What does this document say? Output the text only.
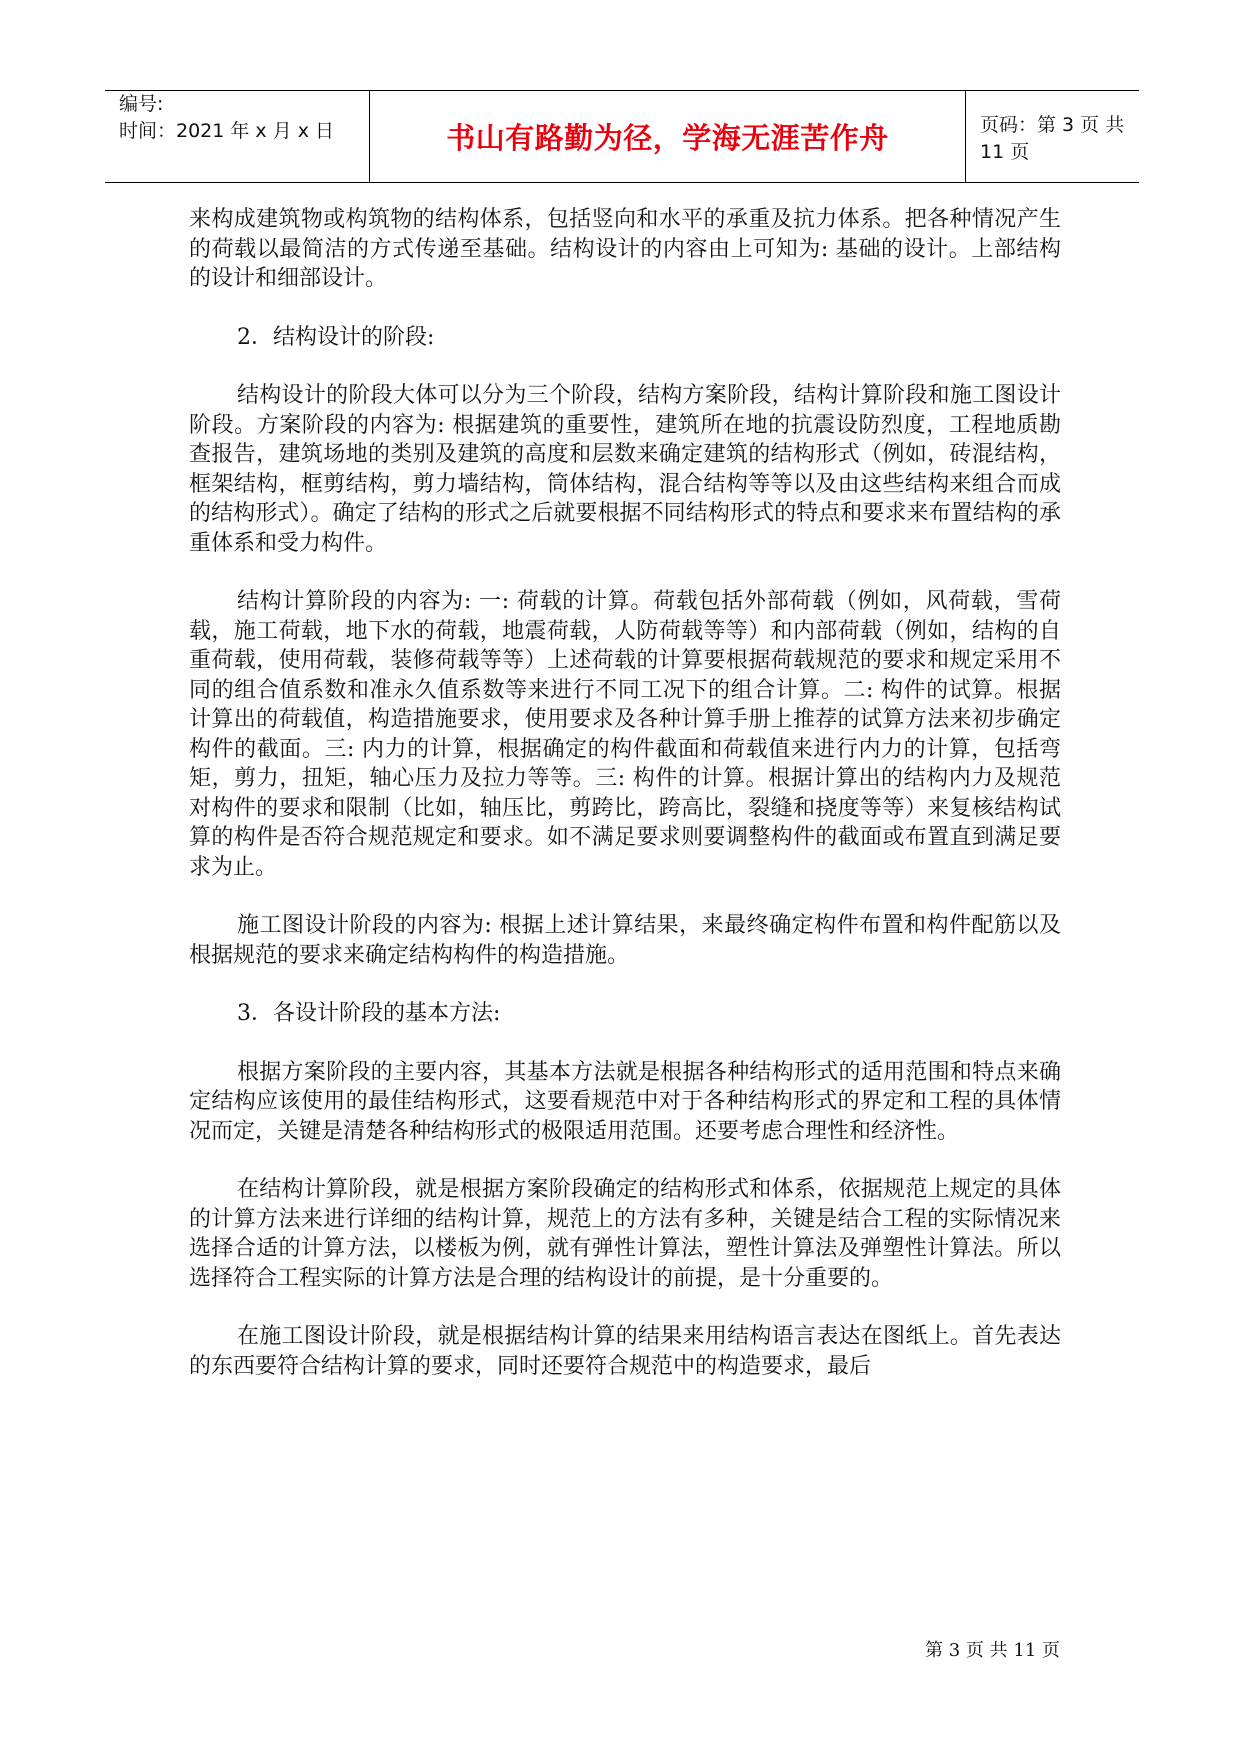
编号:
时间：2021 年 x 月 x 日	书山有路勤为径，学海无涯苦作舟	页码：第 3 页 共 11 页

来构成建筑物或构筑物的结构体系，包括竖向和水平的承重及抗力体系。把各种情况产生的荷载以最简洁的方式传递至基础。结构设计的内容由上可知为: 基础的设计。上部结构的设计和细部设计。

2．结构设计的阶段:

结构设计的阶段大体可以分为三个阶段，结构方案阶段，结构计算阶段和施工图设计阶段。方案阶段的内容为: 根据建筑的重要性，建筑所在地的抗震设防烈度，工程地质勘查报告，建筑场地的类别及建筑的高度和层数来确定建筑的结构形式（例如，砖混结构，框架结构，框剪结构，剪力墙结构，筒体结构，混合结构等等以及由这些结构来组合而成的结构形式）。确定了结构的形式之后就要根据不同结构形式的特点和要求来布置结构的承重体系和受力构件。

结构计算阶段的内容为: 一: 荷载的计算。荷载包括外部荷载（例如，风荷载，雪荷载，施工荷载，地下水的荷载，地震荷载，人防荷载等等）和内部荷载（例如，结构的自重荷载，使用荷载，装修荷载等等）上述荷载的计算要根据荷载规范的要求和规定采用不同的组合值系数和准永久值系数等来进行不同工况下的组合计算。二: 构件的试算。根据计算出的荷载值，构造措施要求，使用要求及各种计算手册上推荐的试算方法来初步确定构件的截面。三: 内力的计算，根据确定的构件截面和荷载值来进行内力的计算，包括弯矩，剪力，扭矩，轴心压力及拉力等等。三: 构件的计算。根据计算出的结构内力及规范对构件的要求和限制（比如，轴压比，剪跨比，跨高比，裂缝和挠度等等）来复核结构试算的构件是否符合规范规定和要求。如不满足要求则要调整构件的截面或布置直到满足要求为止。

施工图设计阶段的内容为: 根据上述计算结果，来最终确定构件布置和构件配筋以及根据规范的要求来确定结构构件的构造措施。

3．各设计阶段的基本方法:

根据方案阶段的主要内容，其基本方法就是根据各种结构形式的适用范围和特点来确定结构应该使用的最佳结构形式，这要看规范中对于各种结构形式的界定和工程的具体情况而定，关键是清楚各种结构形式的极限适用范围。还要考虑合理性和经济性。

在结构计算阶段，就是根据方案阶段确定的结构形式和体系，依据规范上规定的具体的计算方法来进行详细的结构计算，规范上的方法有多种，关键是结合工程的实际情况来选择合适的计算方法，以楼板为例，就有弹性计算法，塑性计算法及弹塑性计算法。所以选择符合工程实际的计算方法是合理的结构设计的前提，是十分重要的。

在施工图设计阶段，就是根据结构计算的结果来用结构语言表达在图纸上。首先表达的东西要符合结构计算的要求，同时还要符合规范中的构造要求，最后

第 3 页 共 11 页
